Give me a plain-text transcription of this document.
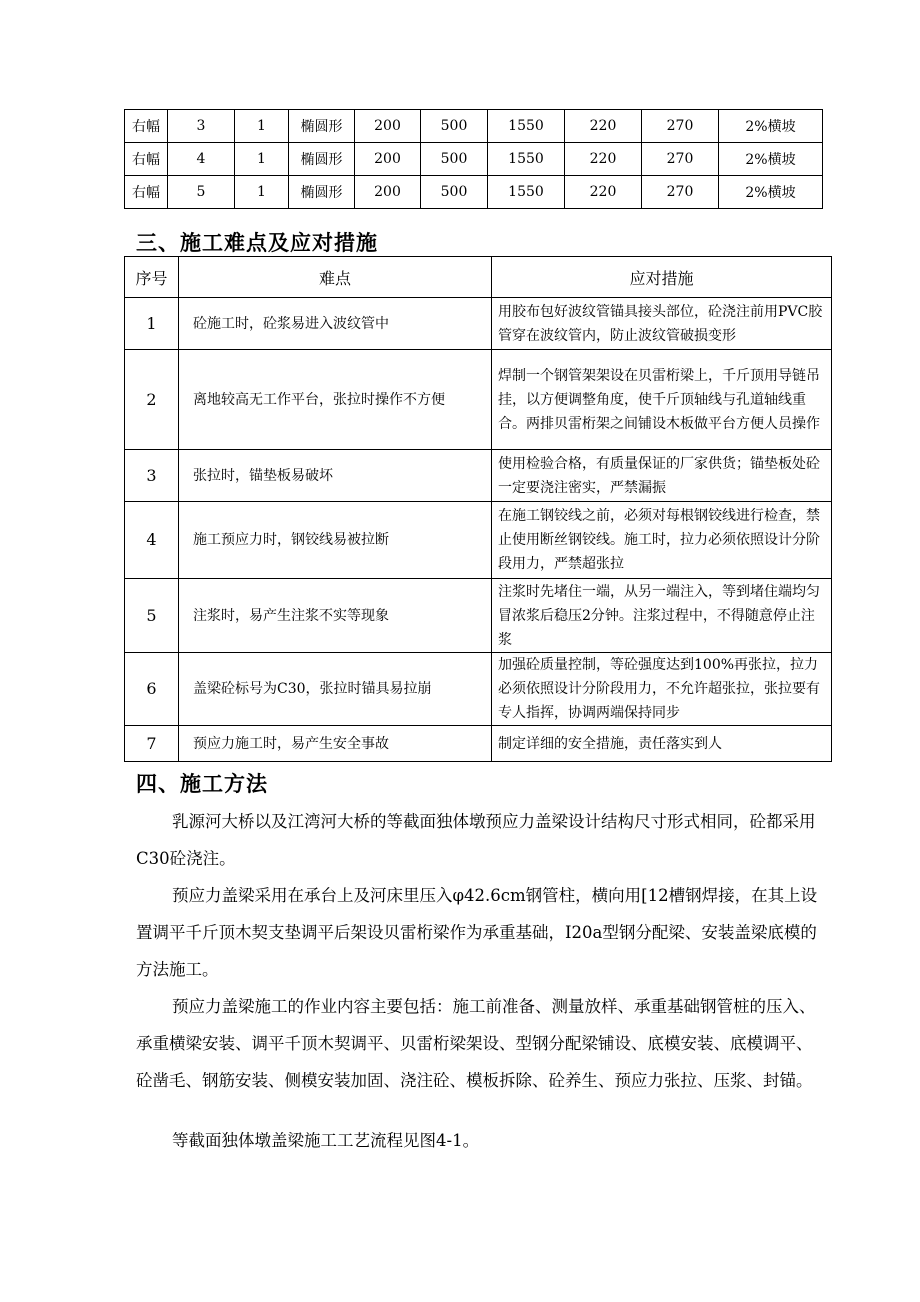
右幅	3	1	椭圆形	200	500	1550	220	270	2%横坡
右幅	4	1	椭圆形	200	500	1550	220	270	2%横坡
右幅	5	1	椭圆形	200	500	1550	220	270	2%横坡
三、施工难点及应对措施
序号	难点	应对措施
1	砼施工时，砼浆易进入波纹管中	用胶布包好波纹管锚具接头部位，砼浇注前用PVC胶管穿在波纹管内，防止波纹管破损变形
2	离地较高无工作平台，张拉时操作不方便	焊制一个钢管架架设在贝雷桁梁上，千斤顶用导链吊挂，以方便调整角度，使千斤顶轴线与孔道轴线重合。两排贝雷桁架之间铺设木板做平台方便人员操作
3	张拉时，锚垫板易破坏	使用检验合格，有质量保证的厂家供货；锚垫板处砼一定要浇注密实，严禁漏振
4	施工预应力时，钢铰线易被拉断	在施工钢铰线之前，必须对每根钢铰线进行检查，禁止使用断丝钢铰线。施工时，拉力必须依照设计分阶段用力，严禁超张拉
5	注浆时，易产生注浆不实等现象	注浆时先堵住一端，从另一端注入，等到堵住端均匀冒浓浆后稳压2分钟。注浆过程中，不得随意停止注浆
6	盖梁砼标号为C30，张拉时锚具易拉崩	加强砼质量控制，等砼强度达到100%再张拉，拉力必须依照设计分阶段用力，不允许超张拉，张拉要有专人指挥，协调两端保持同步
7	预应力施工时，易产生安全事故	制定详细的安全措施，责任落实到人
四、施工方法

乳源河大桥以及江湾河大桥的等截面独体墩预应力盖梁设计结构尺寸形式相同，砼都采用C30砼浇注。

预应力盖梁采用在承台上及河床里压入φ42.6cm钢管柱，横向用[12槽钢焊接，在其上设置调平千斤顶木契支垫调平后架设贝雷桁梁作为承重基础，I20a型钢分配梁、安装盖梁底模的方法施工。

预应力盖梁施工的作业内容主要包括：施工前准备、测量放样、承重基础钢管桩的压入、承重横梁安装、调平千顶木契调平、贝雷桁梁架设、型钢分配梁铺设、底模安装、底模调平、砼凿毛、钢筋安装、侧模安装加固、浇注砼、模板拆除、砼养生、预应力张拉、压浆、封锚。

等截面独体墩盖梁施工工艺流程见图4-1。
